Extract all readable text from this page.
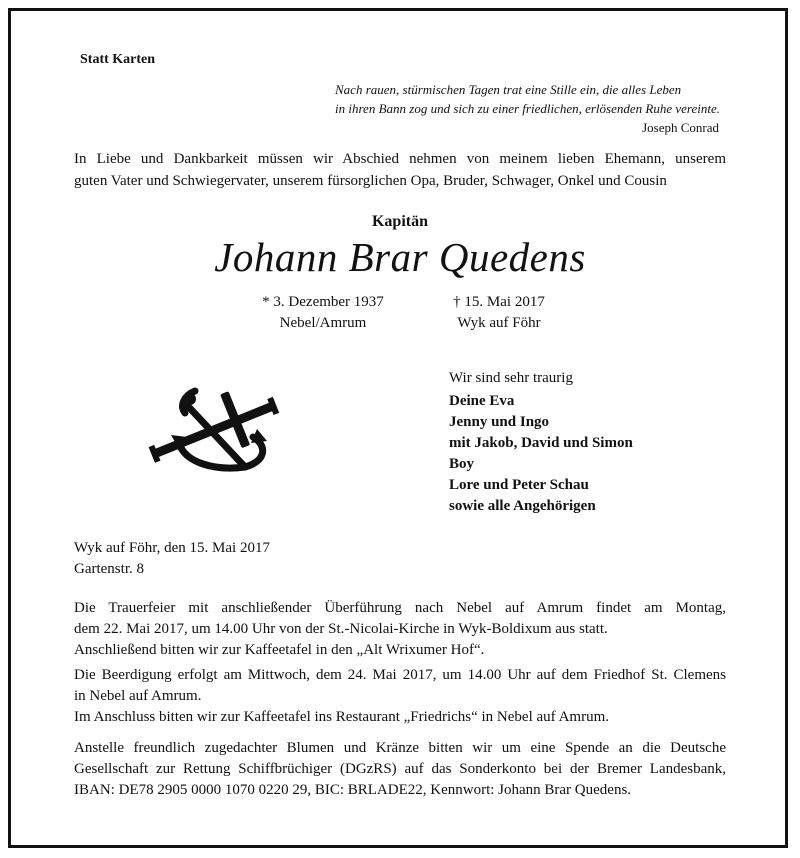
Statt Karten
Nach rauen, stürmischen Tagen trat eine Stille ein, die alles Leben
in ihren Bann zog und sich zu einer friedlichen, erlösenden Ruhe vereinte.
Joseph Conrad
In Liebe und Dankbarkeit müssen wir Abschied nehmen von meinem lieben Ehemann, unserem
guten Vater und Schwiegervater, unserem fürsorglichen Opa, Bruder, Schwager, Onkel und Cousin
Kapitän
Johann Brar Quedens
* 3. Dezember 1937
Nebel/Amrum
† 15. Mai 2017
Wyk auf Föhr
Wir sind sehr traurig
Deine Eva
Jenny und Ingo
mit Jakob, David und Simon
Boy
Lore und Peter Schau
sowie alle Angehörigen
Wyk auf Föhr, den 15. Mai 2017
Gartenstr. 8
Die Trauerfeier mit anschließender Überführung nach Nebel auf Amrum findet am Montag,
dem 22. Mai 2017, um 14.00 Uhr von der St.-Nicolai-Kirche in Wyk-Boldixum aus statt.
Anschließend bitten wir zur Kaffeetafel in den „Alt Wrixumer Hof“.
Die Beerdigung erfolgt am Mittwoch, dem 24. Mai 2017, um 14.00 Uhr auf dem Friedhof St. Clemens
in Nebel auf Amrum.
Im Anschluss bitten wir zur Kaffeetafel ins Restaurant „Friedrichs“ in Nebel auf Amrum.
Anstelle freundlich zugedachter Blumen und Kränze bitten wir um eine Spende an die Deutsche
Gesellschaft zur Rettung Schiffbrüchiger (DGzRS) auf das Sonderkonto bei der Bremer Landesbank,
IBAN: DE78 2905 0000 1070 0220 29, BIC: BRLADE22, Kennwort: Johann Brar Quedens.
